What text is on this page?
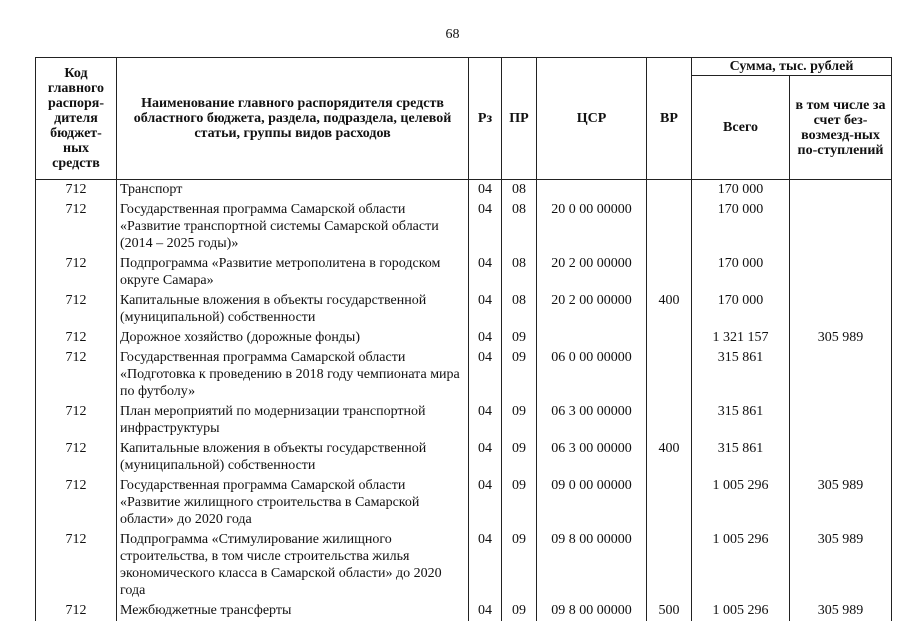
68
Код главного распоря-дителя бюджет-ных средств	Наименование главного распорядителя средств областного бюджета, раздела, подраздела, целевой статьи, группы видов расходов	Рз	ПР	ЦСР	ВР	Сумма, тыс. рублей	
						Всего	в том числе за счет без-возмезд-ных по-ступлений
712	Транспорт	04	08			170 000	
712	Государственная программа Самарской области «Развитие транспортной системы Самарской области (2014 – 2025 годы)»	04	08	20 0 00 00000		170 000	
712	Подпрограмма «Развитие метрополитена в городском округе Самара»	04	08	20 2 00 00000		170 000	
712	Капитальные вложения в объекты государственной (муниципальной) собственности	04	08	20 2 00 00000	400	170 000	
712	Дорожное хозяйство (дорожные фонды)	04	09			1 321 157	305 989
712	Государственная программа Самарской области «Подготовка к проведению в 2018 году чемпионата мира по футболу»	04	09	06 0 00 00000		315 861	
712	План мероприятий по модернизации транспортной инфраструктуры	04	09	06 3 00 00000		315 861	
712	Капитальные вложения в объекты государственной (муниципальной) собственности	04	09	06 3 00 00000	400	315 861	
712	Государственная программа Самарской области «Развитие жилищного строительства в Самарской области» до 2020 года	04	09	09 0 00 00000		1 005 296	305 989
712	Подпрограмма «Стимулирование жилищного строительства, в том числе строительства жилья экономического класса в Самарской области» до 2020 года	04	09	09 8 00 00000		1 005 296	305 989
712	Межбюджетные трансферты	04	09	09 8 00 00000	500	1 005 296	305 989
